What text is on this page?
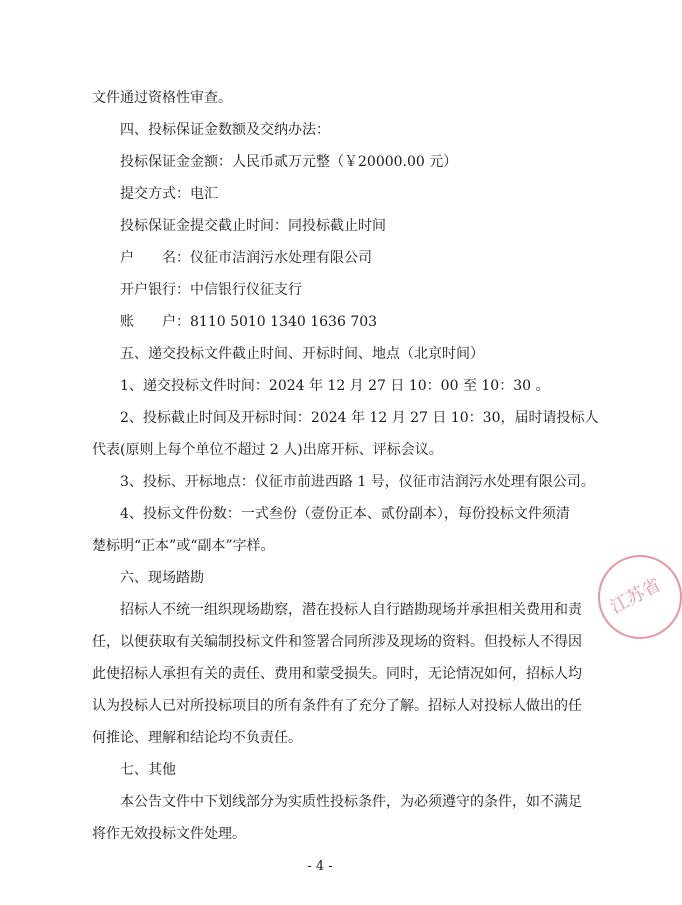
文件通过资格性审查。
四、投标保证金数额及交纳办法：
投标保证金金额：人民币贰万元整（￥20000.00 元）
提交方式：电汇
投标保证金提交截止时间：同投标截止时间
户　　名：仪征市洁润污水处理有限公司
开户银行：中信银行仪征支行
账　　户：8110 5010 1340 1636 703
五、递交投标文件截止时间、开标时间、地点（北京时间）
1、递交投标文件时间：2024 年 12 月 27 日 10：00 至 10：30 。
2、投标截止时间及开标时间：2024 年 12 月 27 日 10：30，届时请投标人
代表(原则上每个单位不超过 2 人)出席开标、评标会议。
3、投标、开标地点：仪征市前进西路 1 号，仪征市洁润污水处理有限公司。
4、投标文件份数：一式叁份（壹份正本、贰份副本），每份投标文件须清
楚标明“正本”或“副本”字样。
六、现场踏勘
招标人不统一组织现场勘察，潜在投标人自行踏勘现场并承担相关费用和责
任，以便获取有关编制投标文件和签署合同所涉及现场的资料。但投标人不得因
此使招标人承担有关的责任、费用和蒙受损失。同时，无论情况如何，招标人均
认为投标人已对所投标项目的所有条件有了充分了解。招标人对投标人做出的任
何推论、理解和结论均不负责任。
七、其他
本公告文件中下划线部分为实质性投标条件，为必须遵守的条件，如不满足
将作无效投标文件处理。
- 4 -
江苏省
